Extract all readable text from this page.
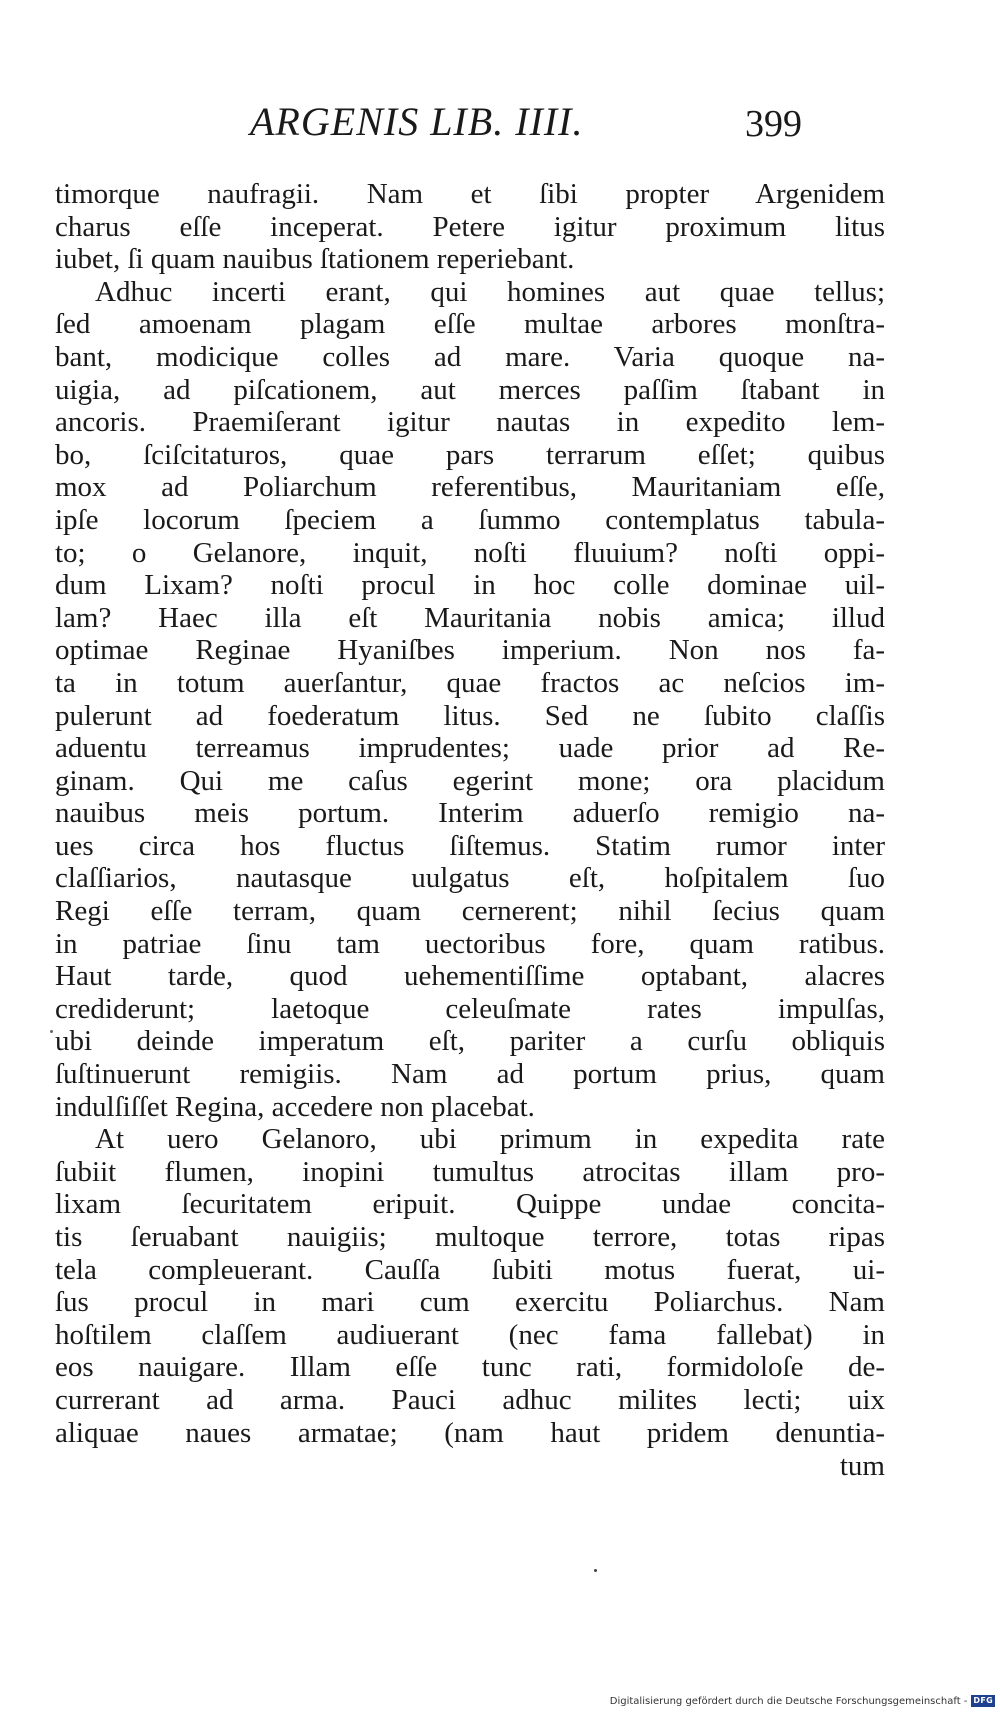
ARGENIS LIB. IIII.	399
timorque naufragii. Nam et ſibi propter Argenidem
charus eſſe inceperat. Petere igitur proximum litus
iubet, ſi quam nauibus ſtationem reperiebant.
Adhuc incerti erant, qui homines aut quae tellus;
ſed amoenam plagam eſſe multae arbores monſtra-
bant, modicique colles ad mare. Varia quoque na-
uigia, ad piſcationem, aut merces paſſim ſtabant in
ancoris. Praemiſerant igitur nautas in expedito lem-
bo, ſciſcitaturos, quae pars terrarum eſſet; quibus
mox ad Poliarchum referentibus, Mauritaniam eſſe,
ipſe locorum ſpeciem a ſummo contemplatus tabula-
to; o Gelanore, inquit, noſti fluuium? noſti oppi-
dum Lixam? noſti procul in hoc colle dominae uil-
lam? Haec illa eſt Mauritania nobis amica; illud
optimae Reginae Hyaniſbes imperium. Non nos fa-
ta in totum auerſantur, quae fractos ac neſcios im-
pulerunt ad foederatum litus. Sed ne ſubito claſſis
aduentu terreamus imprudentes; uade prior ad Re-
ginam. Qui me caſus egerint mone; ora placidum
nauibus meis portum. Interim aduerſo remigio na-
ues circa hos fluctus ſiſtemus. Statim rumor inter
claſſiarios, nautasque uulgatus eſt, hoſpitalem ſuo
Regi eſſe terram, quam cernerent; nihil ſecius quam
in patriae ſinu tam uectoribus fore, quam ratibus.
Haut tarde, quod uehementiſſime optabant, alacres
crediderunt; laetoque celeuſmate rates impulſas,
ubi deinde imperatum eſt, pariter a curſu obliquis
ſuſtinuerunt remigiis. Nam ad portum prius, quam
indulſiſſet Regina, accedere non placebat.
At uero Gelanoro, ubi primum in expedita rate
ſubiit flumen, inopini tumultus atrocitas illam pro-
lixam ſecuritatem eripuit. Quippe undae concita-
tis ſeruabant nauigiis; multoque terrore, totas ripas
tela compleuerant. Cauſſa ſubiti motus fuerat, ui-
ſus procul in mari cum exercitu Poliarchus. Nam
hoſtilem claſſem audiuerant (nec fama fallebat) in
eos nauigare. Illam eſſe tunc rati, formidoloſe de-
currerant ad arma. Pauci adhuc milites lecti; uix
aliquae naues armatae; (nam haut pridem denuntia-
tum
Digitalisierung gefördert durch die Deutsche Forschungsgemeinschaft - DFG
